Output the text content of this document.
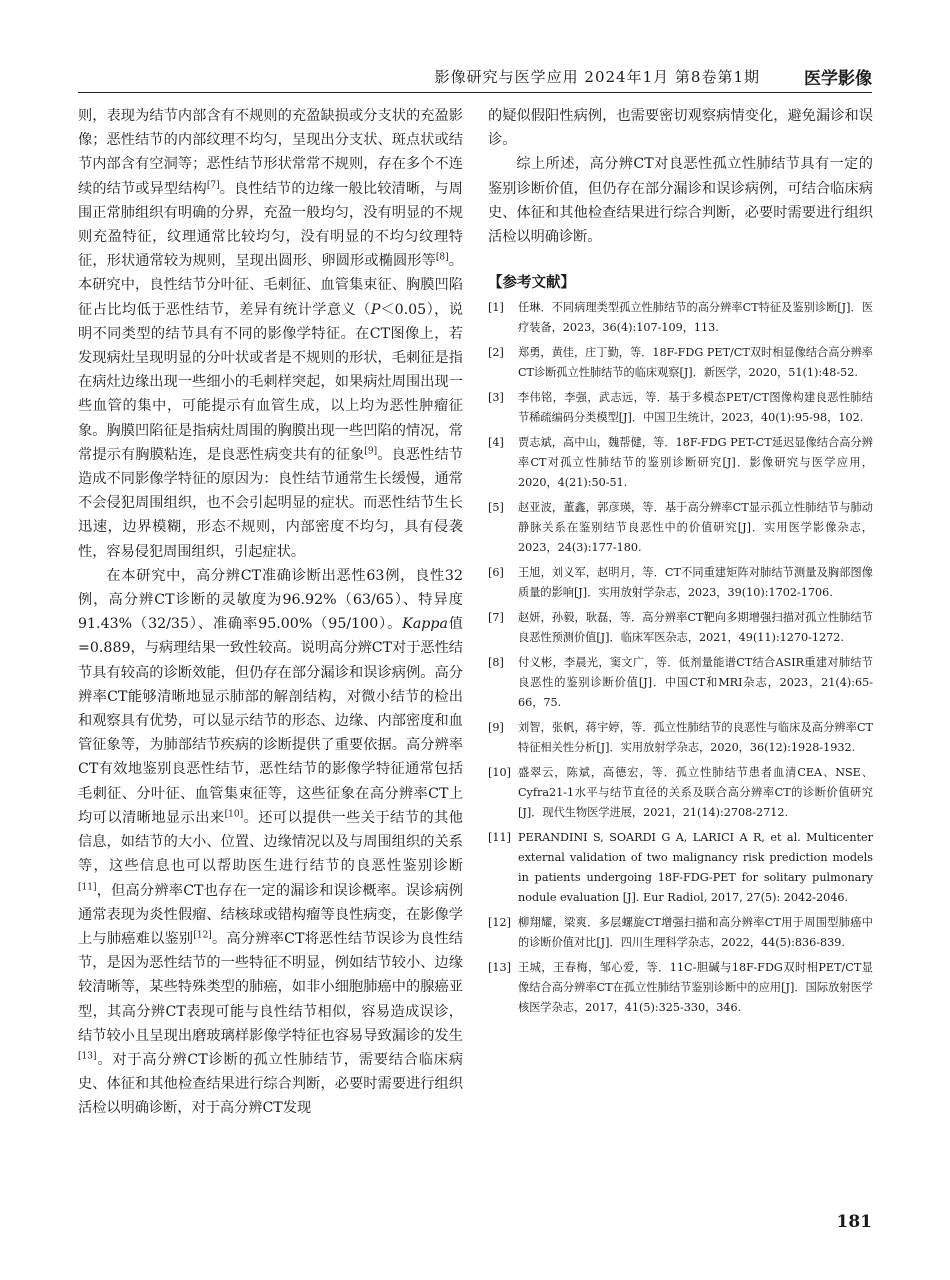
影像研究与医学应用 2024年1月 第8卷第1期	医学影像

则，表现为结节内部含有不规则的充盈缺损或分支状的充盈影像；恶性结节的内部纹理不均匀，呈现出分支状、斑点状或结节内部含有空洞等；恶性结节形状常常不规则，存在多个不连续的结节或异型结构[7]。良性结节的边缘一般比较清晰，与周围正常肺组织有明确的分界，充盈一般均匀，没有明显的不规则充盈特征，纹理通常比较均匀，没有明显的不均匀纹理特征，形状通常较为规则，呈现出圆形、卵圆形或椭圆形等[8]。本研究中，良性结节分叶征、毛刺征、血管集束征、胸膜凹陷征占比均低于恶性结节，差异有统计学意义（P＜0.05），说明不同类型的结节具有不同的影像学特征。在CT图像上，若发现病灶呈现明显的分叶状或者是不规则的形状，毛刺征是指在病灶边缘出现一些细小的毛刺样突起，如果病灶周围出现一些血管的集中，可能提示有血管生成，以上均为恶性肿瘤征象。胸膜凹陷征是指病灶周围的胸膜出现一些凹陷的情况，常常提示有胸膜粘连，是良恶性病变共有的征象[9]。良恶性结节造成不同影像学特征的原因为：良性结节通常生长缓慢，通常不会侵犯周围组织，也不会引起明显的症状。而恶性结节生长迅速，边界模糊，形态不规则，内部密度不均匀，具有侵袭性，容易侵犯周围组织，引起症状。

在本研究中，高分辨CT准确诊断出恶性63例，良性32例，高分辨CT诊断的灵敏度为96.92%（63/65）、特异度91.43%（32/35）、准确率95.00%（95/100）。Kappa值=0.889，与病理结果一致性较高。说明高分辨CT对于恶性结节具有较高的诊断效能，但仍存在部分漏诊和误诊病例。高分辨率CT能够清晰地显示肺部的解剖结构，对微小结节的检出和观察具有优势，可以显示结节的形态、边缘、内部密度和血管征象等，为肺部结节疾病的诊断提供了重要依据。高分辨率CT有效地鉴别良恶性结节，恶性结节的影像学特征通常包括毛刺征、分叶征、血管集束征等，这些征象在高分辨率CT上均可以清晰地显示出来[10]。还可以提供一些关于结节的其他信息，如结节的大小、位置、边缘情况以及与周围组织的关系等，这些信息也可以帮助医生进行结节的良恶性鉴别诊断[11]，但高分辨率CT也存在一定的漏诊和误诊概率。误诊病例通常表现为炎性假瘤、结核球或错构瘤等良性病变，在影像学上与肺癌难以鉴别[12]。高分辨率CT将恶性结节误诊为良性结节，是因为恶性结节的一些特征不明显，例如结节较小、边缘较清晰等，某些特殊类型的肺癌，如非小细胞肺癌中的腺癌亚型，其高分辨CT表现可能与良性结节相似，容易造成误诊，结节较小且呈现出磨玻璃样影像学特征也容易导致漏诊的发生[13]。对于高分辨CT诊断的孤立性肺结节，需要结合临床病史、体征和其他检查结果进行综合判断，必要时需要进行组织活检以明确诊断，对于高分辨CT发现

的疑似假阳性病例，也需要密切观察病情变化，避免漏诊和误诊。

综上所述，高分辨CT对良恶性孤立性肺结节具有一定的鉴别诊断价值，但仍存在部分漏诊和误诊病例，可结合临床病史、体征和其他检查结果进行综合判断，必要时需要进行组织活检以明确诊断。

【参考文献】
[1] 任琳．不同病理类型孤立性肺结节的高分辨率CT特征及鉴别诊断[J]．医疗装备，2023，36(4):107-109，113.
[2] 郑勇，黄佳，庄丁勤，等．18F-FDG PET/CT双时相显像结合高分辨率CT诊断孤立性肺结节的临床观察[J]．新医学，2020，51(1):48-52.
[3] 李伟铭，李强，武志远，等．基于多模态PET/CT图像构建良恶性肺结节稀疏编码分类模型[J]．中国卫生统计，2023，40(1):95-98，102.
[4] 贾志斌，高中山，魏帮健，等．18F-FDG PET-CT延迟显像结合高分辨率CT对孤立性肺结节的鉴别诊断研究[J]．影像研究与医学应用，2020，4(21):50-51.
[5] 赵亚波，董鑫，郭彦瑛，等．基于高分辨率CT显示孤立性肺结节与肺动静脉关系在鉴别结节良恶性中的价值研究[J]．实用医学影像杂志，2023，24(3):177-180.
[6] 王旭，刘义军，赵明月，等．CT不同重建矩阵对肺结节测量及胸部图像质量的影响[J]．实用放射学杂志，2023，39(10):1702-1706.
[7] 赵妍，孙毅，耿磊，等．高分辨率CT靶向多期增强扫描对孤立性肺结节良恶性预测价值[J]．临床军医杂志，2021，49(11):1270-1272.
[8] 付义彬，李晨光，窦文广，等．低剂量能谱CT结合ASIR重建对肺结节良恶性的鉴别诊断价值[J]．中国CT和MRI杂志，2023，21(4):65-66，75.
[9] 刘智，张帆，蒋宇婷，等．孤立性肺结节的良恶性与临床及高分辨率CT特征相关性分析[J]．实用放射学杂志，2020，36(12):1928-1932.
[10] 盛翠云，陈斌，高德宏，等．孤立性肺结节患者血清CEA、NSE、Cyfra21-1水平与结节直径的关系及联合高分辨率CT的诊断价值研究[J]．现代生物医学进展，2021，21(14):2708-2712.
[11] PERANDINI S, SOARDI G A, LARICI A R, et al. Multicenter external validation of two malignancy risk prediction models in patients undergoing 18F-FDG-PET for solitary pulmonary nodule evaluation [J]. Eur Radiol, 2017, 27(5): 2042-2046.
[12] 柳翔耀，梁爽．多层螺旋CT增强扫描和高分辨率CT用于周围型肺癌中的诊断价值对比[J]．四川生理科学杂志，2022，44(5):836-839.
[13] 王城，王春梅，邹心爱，等．11C-胆碱与18F-FDG双时相PET/CT显像结合高分辨率CT在孤立性肺结节鉴别诊断中的应用[J]．国际放射医学核医学杂志，2017，41(5):325-330，346.
181
